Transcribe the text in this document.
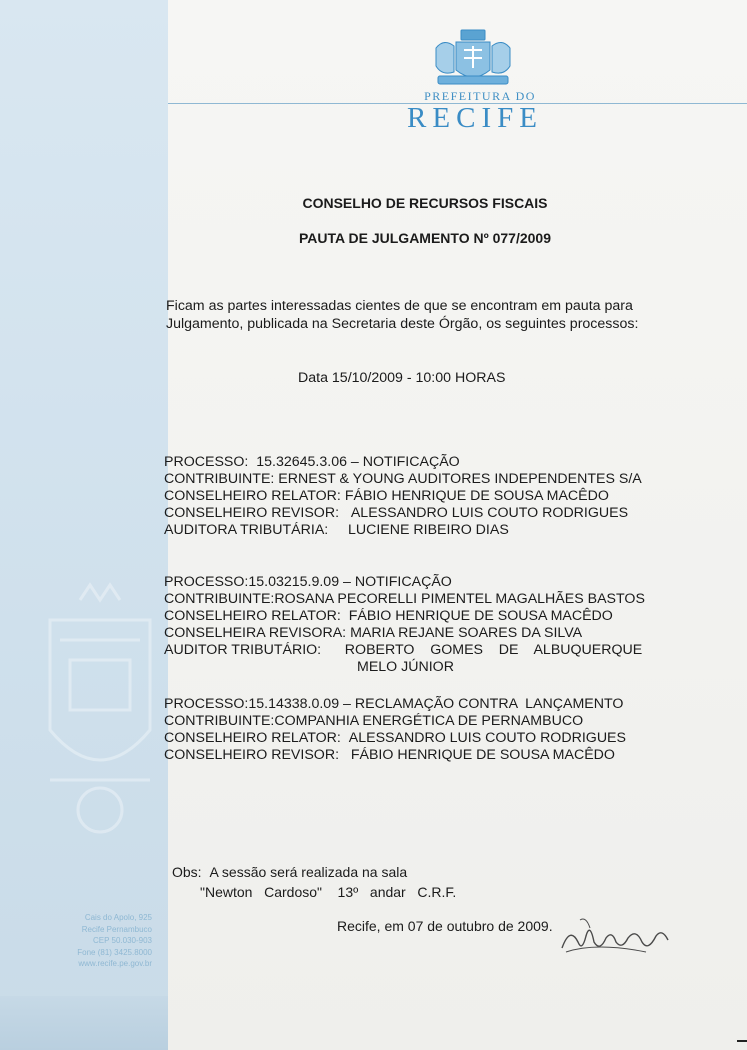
PREFEITURA DO
RECIFE
CONSELHO DE RECURSOS FISCAIS
PAUTA DE JULGAMENTO Nº 077/2009
Ficam as partes interessadas cientes de que se encontram em pauta para
Julgamento, publicada na Secretaria deste Órgão, os seguintes processos:
Data 15/10/2009 - 10:00 HORAS
PROCESSO: 15.32645.3.06 – NOTIFICAÇÃO
CONTRIBUINTE: ERNEST & YOUNG AUDITORES INDEPENDENTES S/A
CONSELHEIRO RELATOR: FÁBIO HENRIQUE DE SOUSA MACÊDO
CONSELHEIRO REVISOR: ALESSANDRO LUIS COUTO RODRIGUES
AUDITORA TRIBUTÁRIA: LUCIENE RIBEIRO DIAS
PROCESSO: 15.03215.9.09 – NOTIFICAÇÃO
CONTRIBUINTE: ROSANA PECORELLI PIMENTEL MAGALHÃES BASTOS
CONSELHEIRO RELATOR: FÁBIO HENRIQUE DE SOUSA MACÊDO
CONSELHEIRA REVISORA: MARIA REJANE SOARES DA SILVA
AUDITOR TRIBUTÁRIO: ROBERTO    GOMES    DE    ALBUQUERQUE
MELO JÚNIOR
PROCESSO: 15.14338.0.09 – RECLAMAÇÃO CONTRA  LANÇAMENTO
CONTRIBUINTE: COMPANHIA ENERGÉTICA DE PERNAMBUCO
CONSELHEIRO RELATOR: ALESSANDRO LUIS COUTO RODRIGUES
CONSELHEIRO REVISOR: FÁBIO HENRIQUE DE SOUSA MACÊDO
Obs: A sessão será realizada na sala
"Newton   Cardoso"    13º   andar   C.R.F.
Recife, em 07 de outubro de 2009.
Cais do Apolo, 925
Recife Pernambuco
CEP 50.030-903
Fone (81) 3425.8000
www.recife.pe.gov.br
